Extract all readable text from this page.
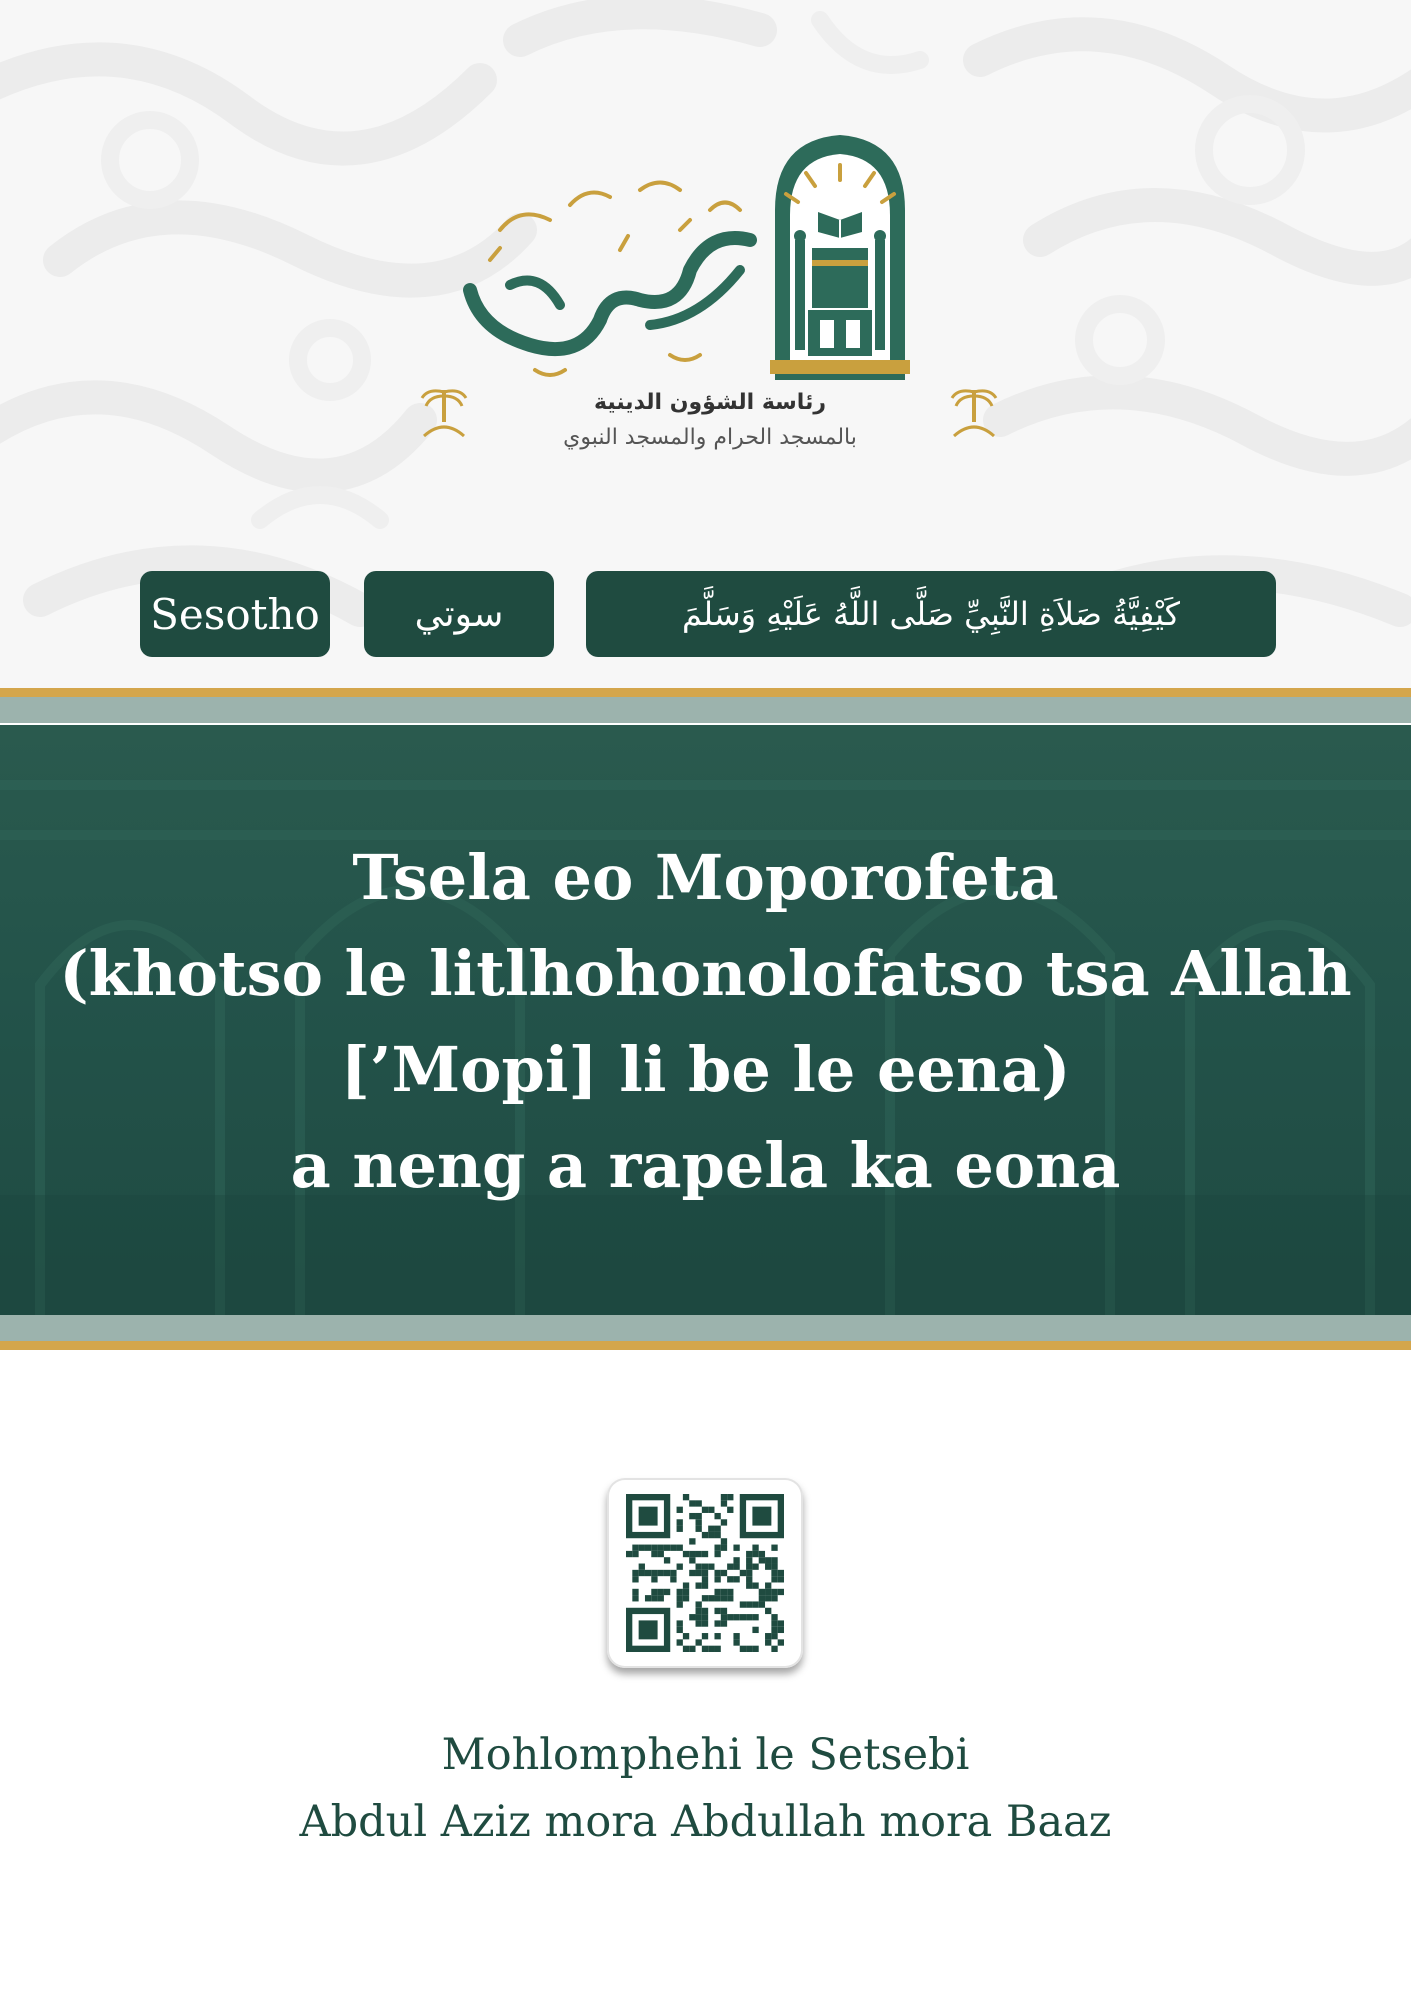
رئاسة الشؤون الدينية
بالمسجد الحرام والمسجد النبوي
Sesotho	سوتي	كَيْفِيَّةُ صَلاَةِ النَّبِيِّ صَلَّى اللَّهُ عَلَيْهِ وَسَلَّمَ
Tsela eo Moporofeta
(khotso le litlhohonolofatso tsa Allah
[’Mopi] li be le eena)
a neng a rapela ka eona
Mohlomphehi le Setsebi
Abdul Aziz mora Abdullah mora Baaz
